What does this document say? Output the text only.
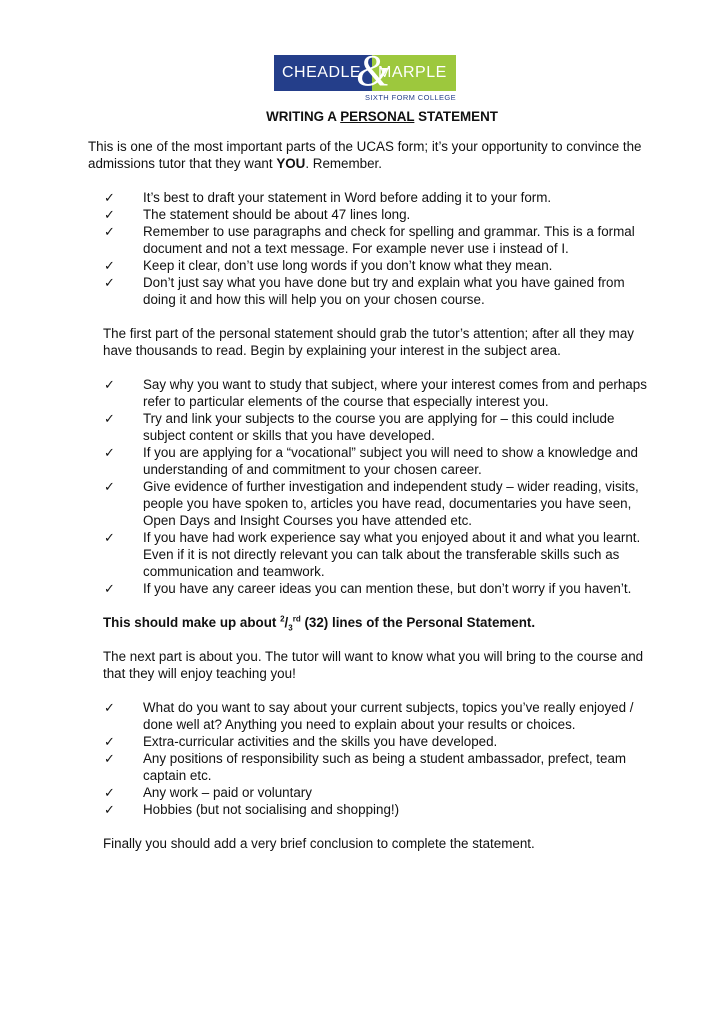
CHEADLE MARPLE
&
SIXTH FORM COLLEGE
WRITING A PERSONAL STATEMENT

This is one of the most important parts of the UCAS form; it’s your opportunity to convince the admissions tutor that they want YOU. Remember.

✓ It’s best to draft your statement in Word before adding it to your form.
✓ The statement should be about 47 lines long.
✓ Remember to use paragraphs and check for spelling and grammar. This is a formal document and not a text message. For example never use i instead of I.
✓ Keep it clear, don’t use long words if you don’t know what they mean.
✓ Don’t just say what you have done but try and explain what you have gained from doing it and how this will help you on your chosen course.

The first part of the personal statement should grab the tutor’s attention; after all they may have thousands to read. Begin by explaining your interest in the subject area.

✓ Say why you want to study that subject, where your interest comes from and perhaps refer to particular elements of the course that especially interest you.
✓ Try and link your subjects to the course you are applying for – this could include subject content or skills that you have developed.
✓ If you are applying for a “vocational” subject you will need to show a knowledge and understanding of and commitment to your chosen career.
✓ Give evidence of further investigation and independent study – wider reading, visits, people you have spoken to, articles you have read, documentaries you have seen, Open Days and Insight Courses you have attended etc.
✓ If you have had work experience say what you enjoyed about it and what you learnt. Even if it is not directly relevant you can talk about the transferable skills such as communication and teamwork.
✓ If you have any career ideas you can mention these, but don’t worry if you haven’t.

This should make up about $^2/_3^{rd}$ (32) lines of the Personal Statement.

The next part is about you. The tutor will want to know what you will bring to the course and that they will enjoy teaching you!

✓ What do you want to say about your current subjects, topics you’ve really enjoyed / done well at? Anything you need to explain about your results or choices.
✓ Extra-curricular activities and the skills you have developed.
✓ Any positions of responsibility such as being a student ambassador, prefect, team captain etc.
✓ Any work – paid or voluntary
✓ Hobbies (but not socialising and shopping!)

Finally you should add a very brief conclusion to complete the statement.
